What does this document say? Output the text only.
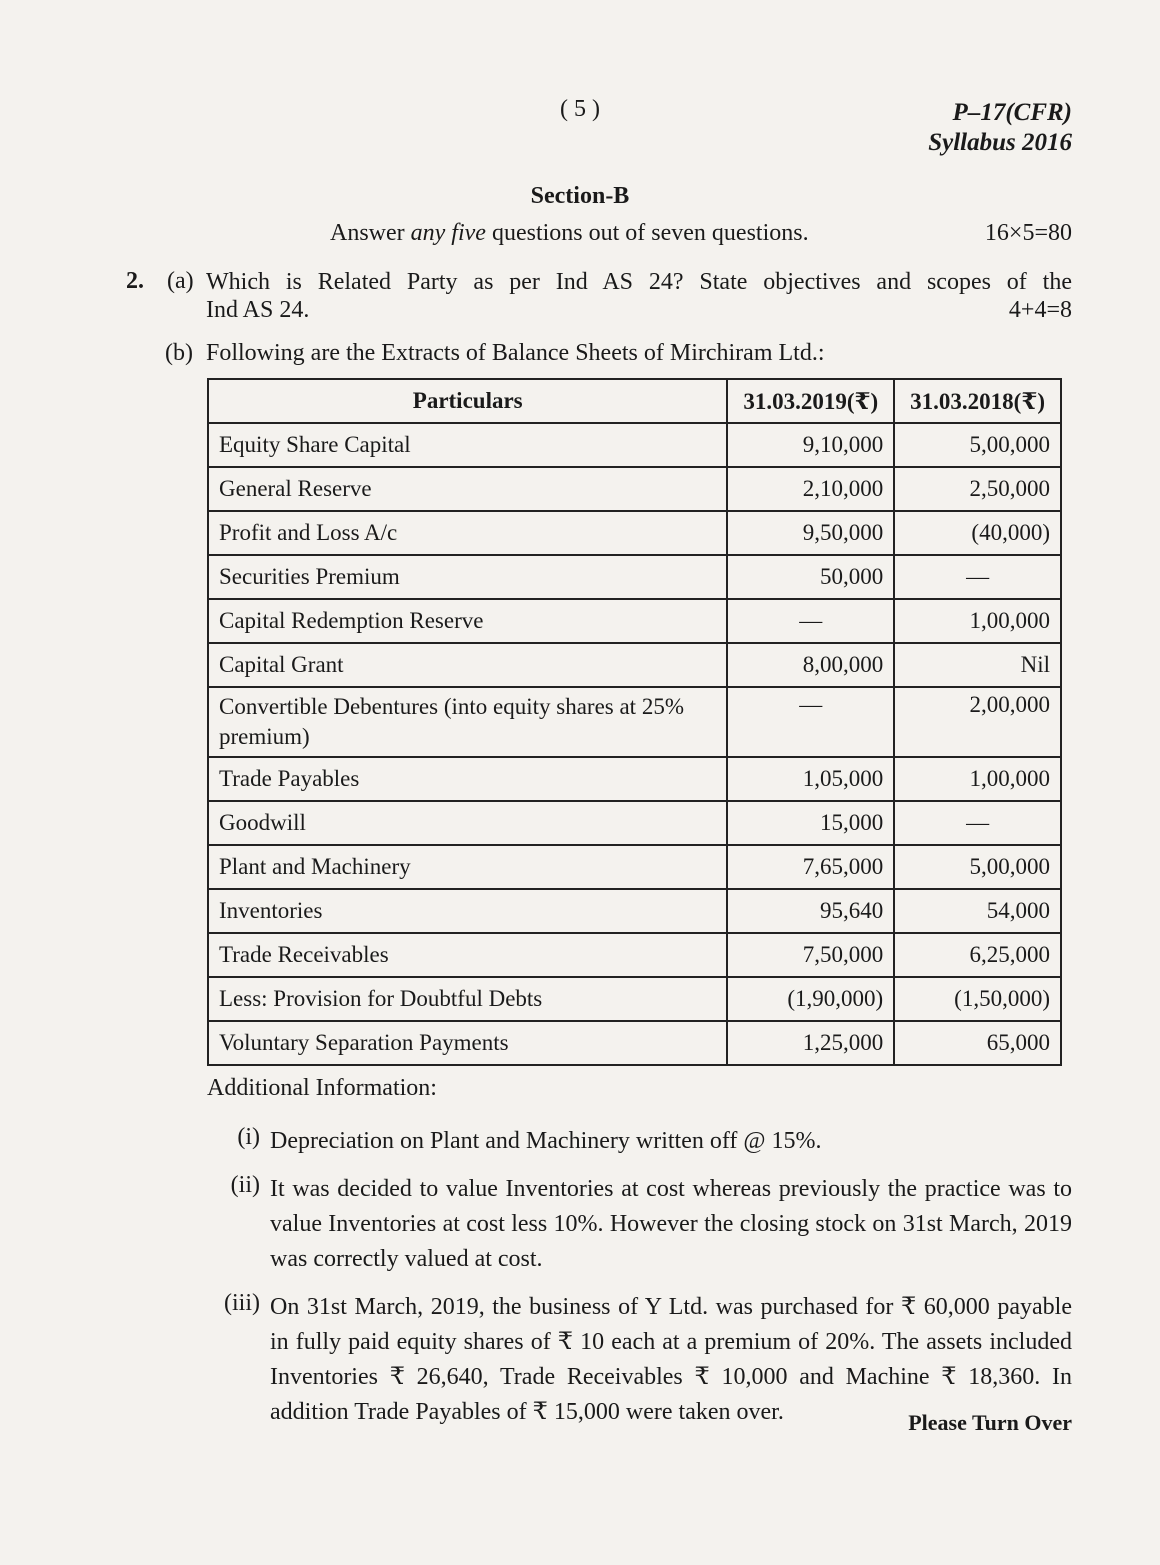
( 5 )	P–17(CFR)
Syllabus 2016
Section-B
Answer any five questions out of seven questions.	16×5=80
2. (a) Which is Related Party as per Ind AS 24? State objectives and scopes of the
Ind AS 24.	4+4=8
(b) Following are the Extracts of Balance Sheets of Mirchiram Ltd.:
Particulars	31.03.2019(₹)	31.03.2018(₹)
Equity Share Capital	9,10,000	5,00,000
General Reserve	2,10,000	2,50,000
Profit and Loss A/c	9,50,000	(40,000)
Securities Premium	50,000	—
Capital Redemption Reserve	—	1,00,000
Capital Grant	8,00,000	Nil
Convertible Debentures (into equity shares at 25% premium)	—	2,00,000
Trade Payables	1,05,000	1,00,000
Goodwill	15,000	—
Plant and Machinery	7,65,000	5,00,000
Inventories	95,640	54,000
Trade Receivables	7,50,000	6,25,000
Less: Provision for Doubtful Debts	(1,90,000)	(1,50,000)
Voluntary Separation Payments	1,25,000	65,000
Additional Information:
(i) Depreciation on Plant and Machinery written off @ 15%.
(ii) It was decided to value Inventories at cost whereas previously the practice was to value Inventories at cost less 10%. However the closing stock on 31st March, 2019 was correctly valued at cost.
(iii) On 31st March, 2019, the business of Y Ltd. was purchased for ₹ 60,000 payable in fully paid equity shares of ₹ 10 each at a premium of 20%. The assets included Inventories ₹ 26,640, Trade Receivables ₹ 10,000 and Machine ₹ 18,360. In addition Trade Payables of ₹ 15,000 were taken over.	Please Turn Over
